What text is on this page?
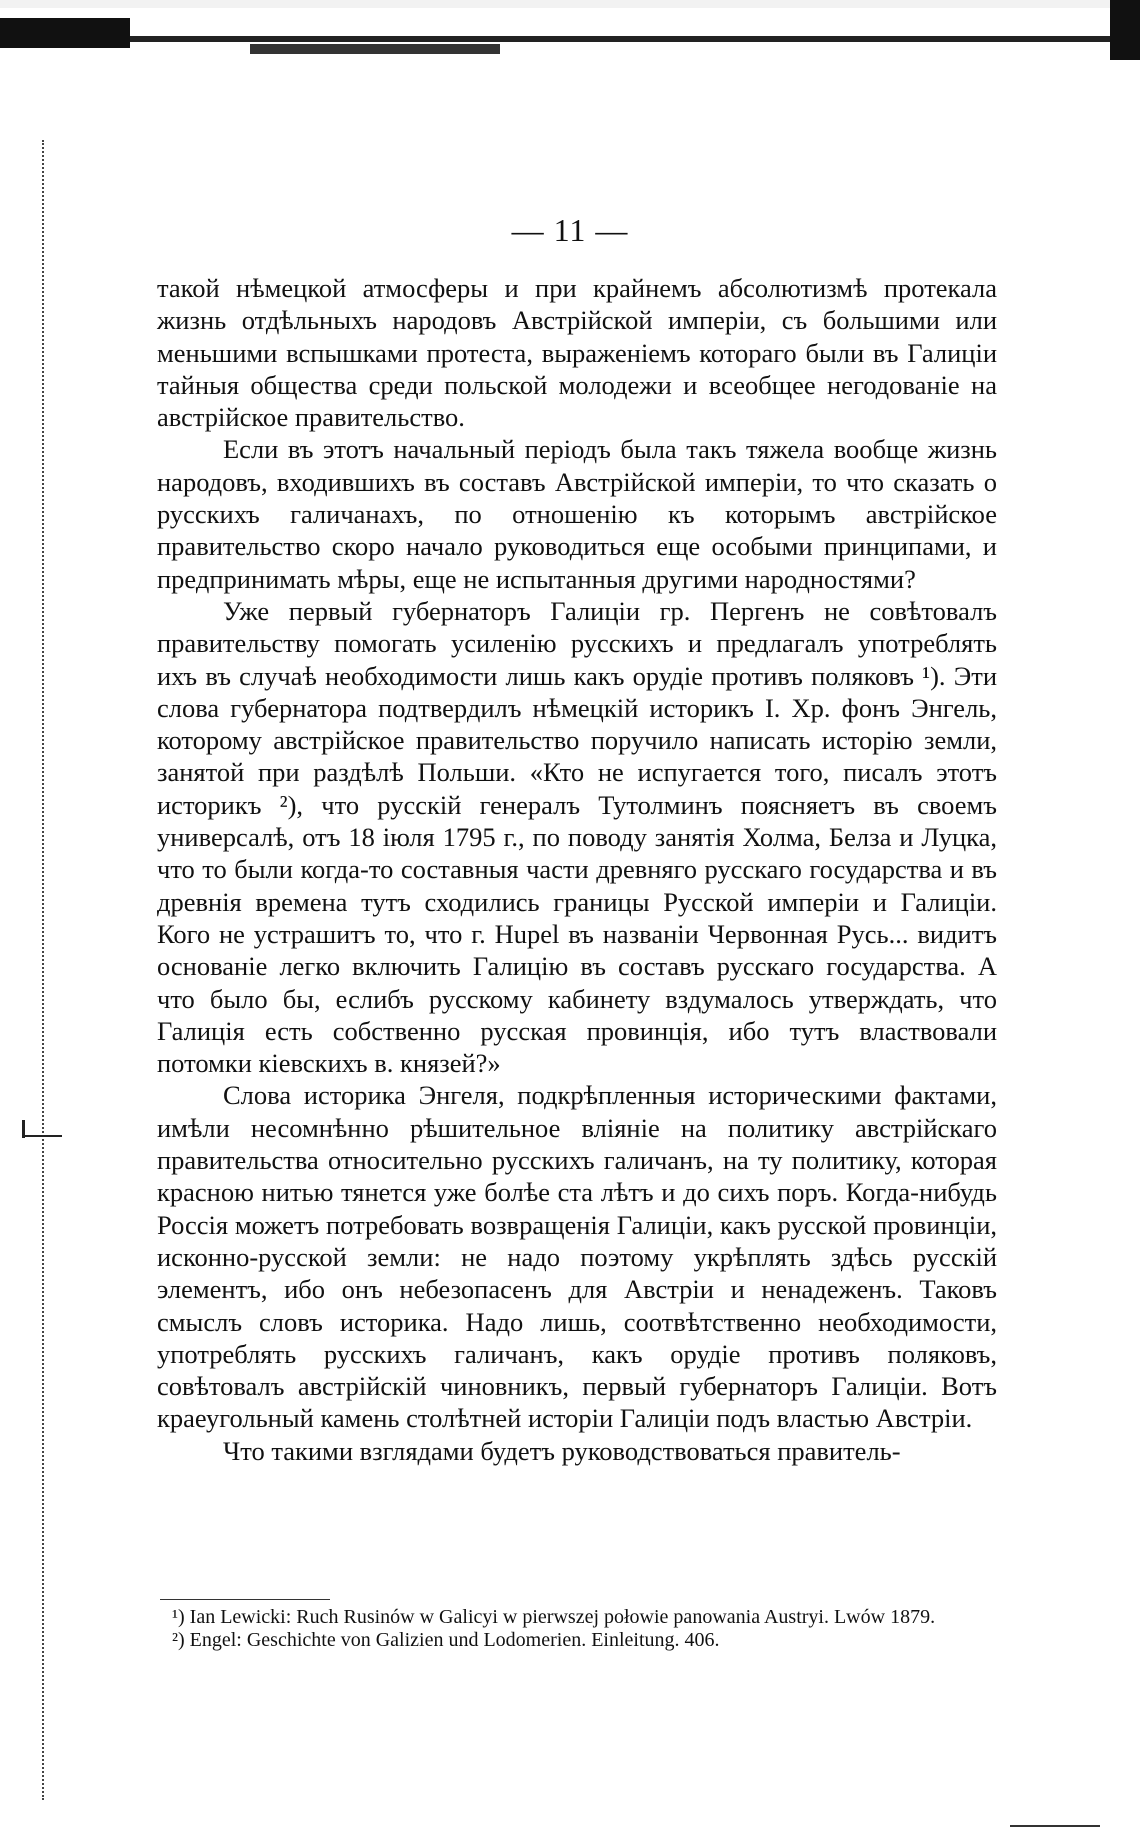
— 11 —

такой нѣмецкой атмосферы и при крайнемъ абсолютизмѣ протекала жизнь отдѣльныхъ народовъ Австрійской имперіи, съ большими или меньшими вспышками протеста, выраженіемъ котораго были въ Галиціи тайныя общества среди польской молодежи и всеобщее негодованіе на австрійское правительство.

Если въ этотъ начальный періодъ была такъ тяжела вообще жизнь народовъ, входившихъ въ составъ Австрійской имперіи, то что сказать о русскихъ галичанахъ, по отношенію къ которымъ австрійское правительство скоро начало руководиться еще особыми принципами, и предпринимать мѣры, еще не испытанныя другими народностями?

Уже первый губернаторъ Галиціи гр. Пергенъ не совѣтовалъ правительству помогать усиленію русскихъ и предлагалъ употреблять ихъ въ случаѣ необходимости лишь какъ орудіе противъ поляковъ ¹). Эти слова губернатора подтвердилъ нѣмецкій историкъ І. Хр. фонъ Энгель, которому австрійское правительство поручило написать исторію земли, занятой при раздѣлѣ Польши. «Кто не испугается того, писалъ этотъ историкъ ²), что русскій генералъ Тутолминъ поясняетъ въ своемъ универсалѣ, отъ 18 іюля 1795 г., по поводу занятія Холма, Белза и Луцка, что то были когда-то составныя части древняго русскаго государства и въ древнія времена тутъ сходились границы Русской имперіи и Галиціи. Кого не устрашитъ то, что г. Hupel въ названіи Червонная Русь... видитъ основаніе легко включить Галицію въ составъ русскаго государства. А что было бы, еслибъ русскому кабинету вздумалось утверждать, что Галиція есть собственно русская провинція, ибо тутъ властвовали потомки кіевскихъ в. князей?»

Слова историка Энгеля, подкрѣпленныя историческими фактами, имѣли несомнѣнно рѣшительное вліяніе на политику австрійскаго правительства относительно русскихъ галичанъ, на ту политику, которая красною нитью тянется уже болѣе ста лѣтъ и до сихъ поръ. Когда-нибудь Россія можетъ потребовать возвращенія Галиціи, какъ русской провинціи, исконно-русской земли: не надо поэтому укрѣплять здѣсь русскій элементъ, ибо онъ небезопасенъ для Австріи и ненадеженъ. Таковъ смыслъ словъ историка. Надо лишь, соотвѣтственно необходимости, употреблять русскихъ галичанъ, какъ орудіе противъ поляковъ, совѣтовалъ австрійскій чиновникъ, первый губернаторъ Галиціи. Вотъ краеугольный камень столѣтней исторіи Галиціи подъ властью Австріи.

Что такими взглядами будетъ руководствоваться правитель-

¹) Ian Lewicki: Ruch Rusinów w Galicyi w pierwszej połowie panowania Austryi. Lwów 1879.

²) Engel: Geschichte von Galizien und Lodomerien. Einleitung. 406.
